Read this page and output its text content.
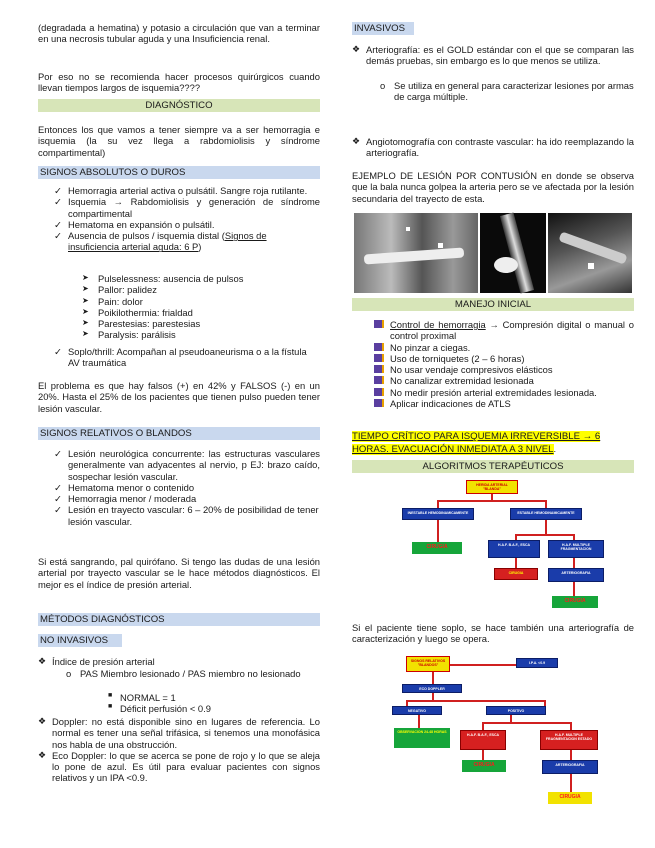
(degradada a hematina) y potasio a circulación que van a terminar en una necrosis tubular aguda y una Insuficiencia renal.

Por eso no se recomienda hacer procesos quirúrgicos cuando llevan tiempos largos de isquemia????

DIAGNÓSTICO

Entonces los que vamos a tener siempre va a ser hemorragia e isquemia (la su vez llega a rabdomiolisis y síndrome compartimental)

SIGNOS ABSOLUTOS O DUROS
✓ Hemorragia arterial activa o pulsátil. Sangre roja rutilante.
✓ Isquemia → Rabdomiolisis y generación de síndrome compartimental
✓ Hematoma en expansión o pulsátil.
✓ Ausencia de pulsos / isquemia distal (Signos de insuficiencia arterial aguda: 6 P)
➤ Pulselessness: ausencia de pulsos
➤ Pallor: palidez
➤ Pain: dolor
➤ Poikilothermia: frialdad
➤ Parestesias: parestesias
➤ Paralysis: parálisis
✓ Soplo/thrill: Acompañan al pseudoaneurisma o a la fístula AV traumática

El problema es que hay falsos (+) en 42% y FALSOS (-) en un 20%. Hasta el 25% de los pacientes que tienen pulso pueden tener lesión vascular.

SIGNOS RELATIVOS O BLANDOS
✓ Lesión neurológica concurrente: las estructuras vasculares generalmente van adyacentes al nervio, p EJ: brazo caído, sospechar lesión vascular.
✓ Hematoma menor o contenido
✓ Hemorragia menor / moderada
✓ Lesión en trayecto vascular: 6 – 20% de posibilidad de tener lesión vascular.

Si está sangrando, pal quirófano. Si tengo las dudas de una lesión arterial por trayecto vascular se le hace métodos diagnósticos. El mejor es el índice de presión arterial.

MÉTODOS DIAGNÓSTICOS
NO INVASIVOS
❖ Índice de presión arterial
o PAS Miembro lesionado / PAS miembro no lesionado
■ NORMAL = 1
■ Déficit perfusión < 0.9
❖ Doppler: no está disponible sino en lugares de referencia. Lo normal es tener una señal trifásica, si tenemos una monofásica nos habla de una obstrucción.
❖ Eco Doppler: lo que se acerca se pone de rojo y lo que se aleja lo pone de azul. Es útil para evaluar pacientes con signos relativos y un IPA <0.9.
INVASIVOS
❖ Arteriografía: es el GOLD estándar con el que se comparan las demás pruebas, sin embargo es lo que menos se utiliza.
o Se utiliza en general para caracterizar lesiones por armas de carga múltiple.
❖ Angiotomografía con contraste vascular: ha ido reemplazando la arteriografía.

EJEMPLO DE LESIÓN POR CONTUSIÓN en donde se observa que la bala nunca golpea la arteria pero se ve afectada por la lesión secundaria del trayecto de esta.

MANEJO INICIAL
Control de hemorragia → Compresión digital o manual o control proximal
No pinzar a ciegas.
Uso de torniquetes (2 – 6 horas)
No usar vendaje compresivos elásticos
No canalizar extremidad lesionada
No medir presión arterial extremidades lesionada.
Aplicar indicaciones de ATLS

TIEMPO CRÍTICO PARA ISQUEMIA IRREVERSIBLE → 6 HORAS. EVACUACIÓN INMEDIATA A 3 NIVEL.

ALGORITMOS TERAPÉUTICOS
HERIDA ARTERIAL "BLANDA"
INESTABLE HEMODINAMICAMENTE	ESTABLE HEMODINAMICAMENTE
CIRUGIA	H.A.F. B.A.F., ESCA	H.A.F. MULTIPLE FRAGMENTACION
CIRUGIA	ARTERIOGRAFIA
CIRUGIA

Si el paciente tiene soplo, se hace también una arteriografía de caracterización y luego se opera.

SIGNOS RELATIVOS "BLANDOS"
I.P.A. <0.9
ECO DOPPLER
NEGATIVO	POSITIVO
OBSERVACION 24-48 HORAS
H.A.F. B.A.F., ESCA	H.A.F. MULTIPLE FRAGMENTACION ESTADO
CIRUGIA	ARTERIOGRAFIA
CIRUGIA
